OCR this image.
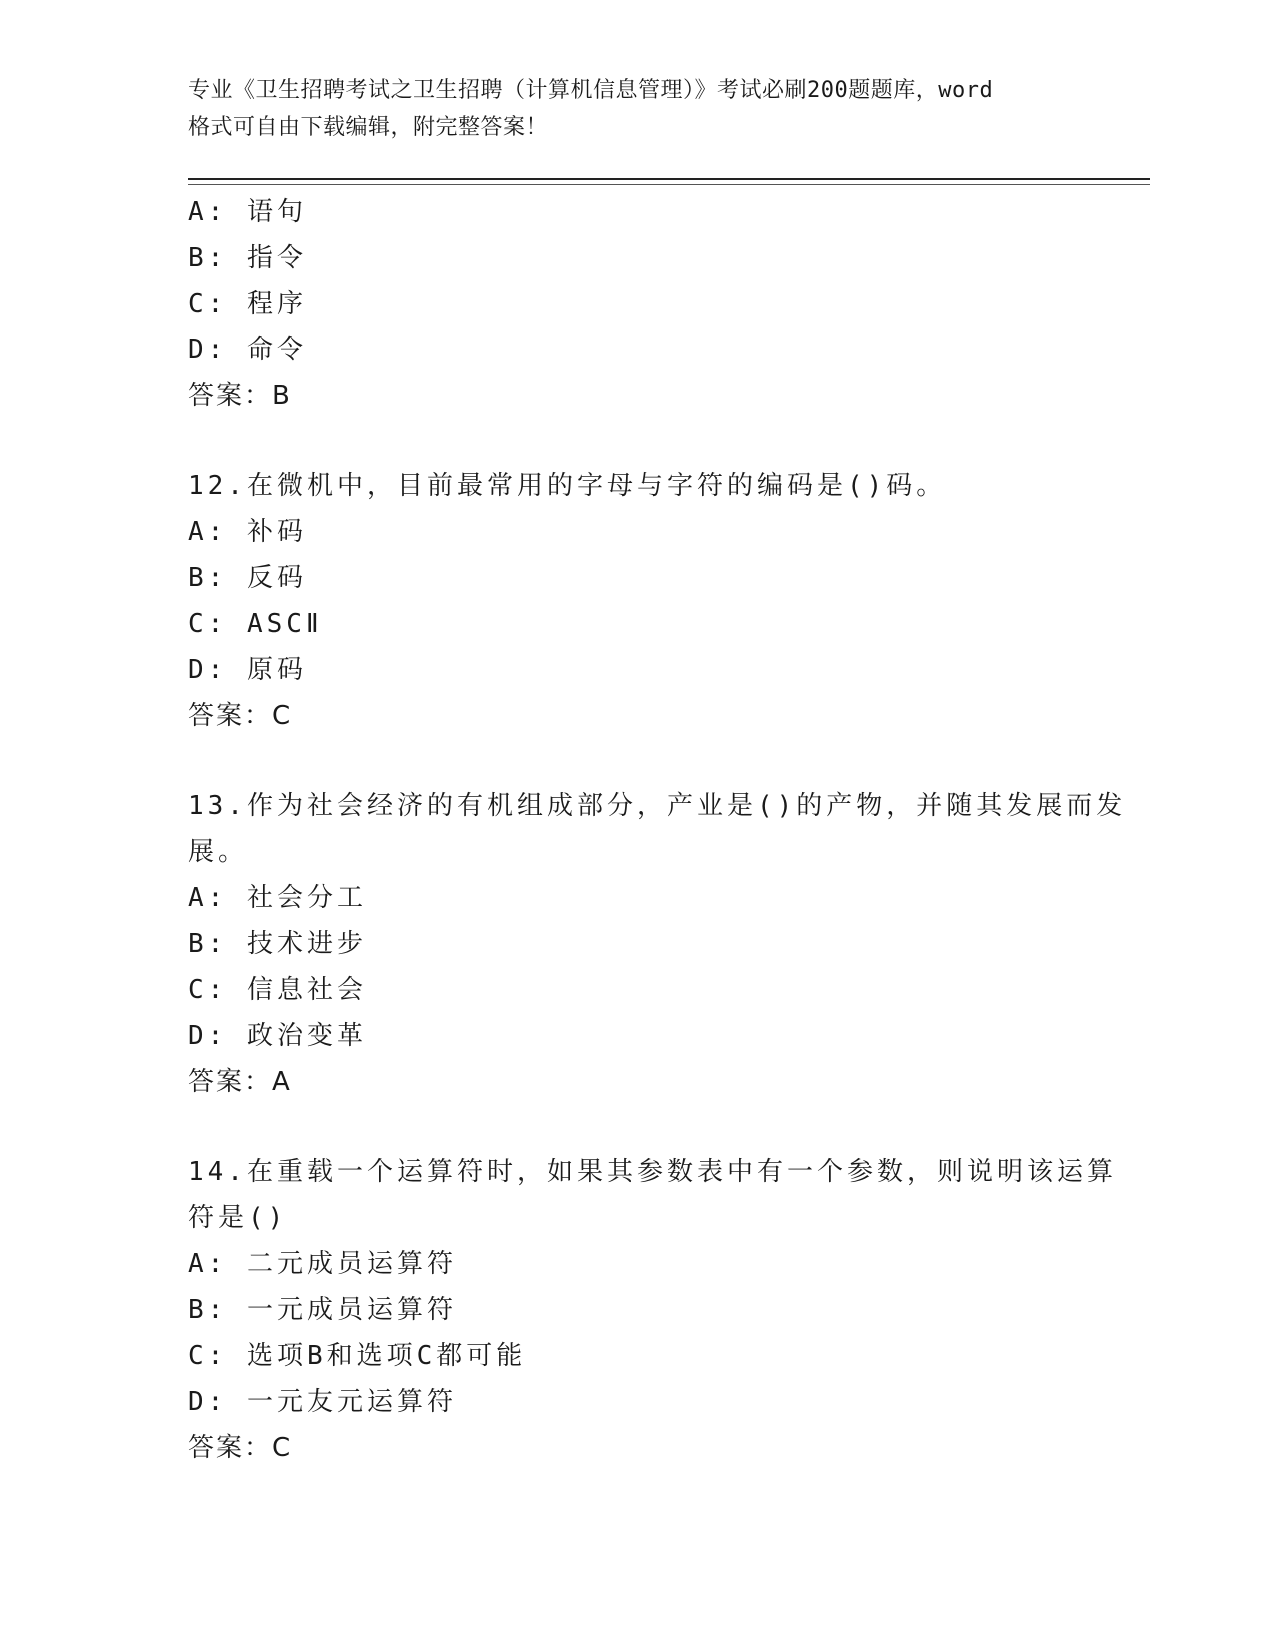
专业《卫生招聘考试之卫生招聘（计算机信息管理）》考试必刷200题题库，word
格式可自由下载编辑，附完整答案！
A: 语句
B: 指令
C: 程序
D: 命令
答案：B
12.在微机中，目前最常用的字母与字符的编码是()码。
A: 补码
B: 反码
C: ASCⅡ
D: 原码
答案：C
13.作为社会经济的有机组成部分，产业是()的产物，并随其发展而发
展。
A: 社会分工
B: 技术进步
C: 信息社会
D: 政治变革
答案：A
14.在重载一个运算符时，如果其参数表中有一个参数，则说明该运算
符是()
A: 二元成员运算符
B: 一元成员运算符
C: 选项B和选项C都可能
D: 一元友元运算符
答案：C
